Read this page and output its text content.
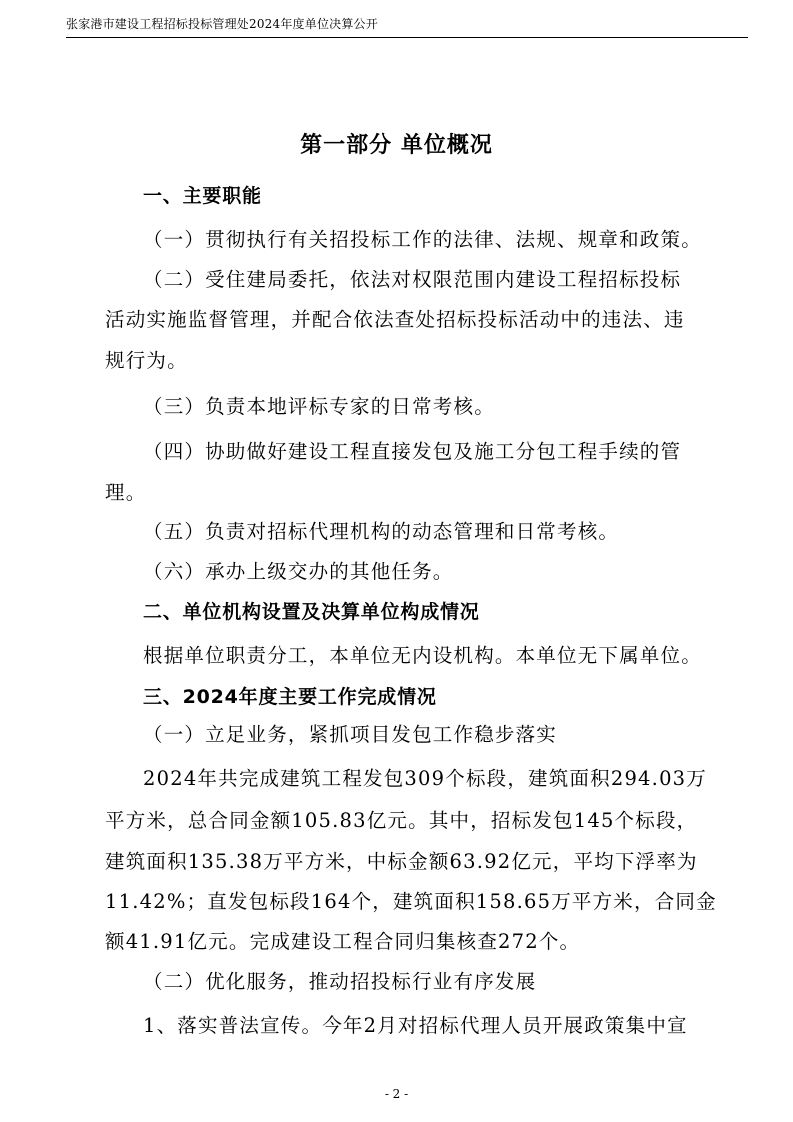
张家港市建设工程招标投标管理处2024年度单位决算公开
第一部分 单位概况
一、主要职能
（一）贯彻执行有关招投标工作的法律、法规、规章和政策。
（二）受住建局委托，依法对权限范围内建设工程招标投标
活动实施监督管理，并配合依法查处招标投标活动中的违法、违
规行为。
（三）负责本地评标专家的日常考核。
（四）协助做好建设工程直接发包及施工分包工程手续的管
理。
（五）负责对招标代理机构的动态管理和日常考核。
（六）承办上级交办的其他任务。
二、单位机构设置及决算单位构成情况
根据单位职责分工，本单位无内设机构。本单位无下属单位。
三、2024年度主要工作完成情况
（一）立足业务，紧抓项目发包工作稳步落实
2024年共完成建筑工程发包309个标段，建筑面积294.03万
平方米，总合同金额105.83亿元。其中，招标发包145个标段，
建筑面积135.38万平方米，中标金额63.92亿元，平均下浮率为
11.42%；直发包标段164个，建筑面积158.65万平方米，合同金
额41.91亿元。完成建设工程合同归集核查272个。
（二）优化服务，推动招投标行业有序发展
1、落实普法宣传。今年2月对招标代理人员开展政策集中宣
- 2 -
